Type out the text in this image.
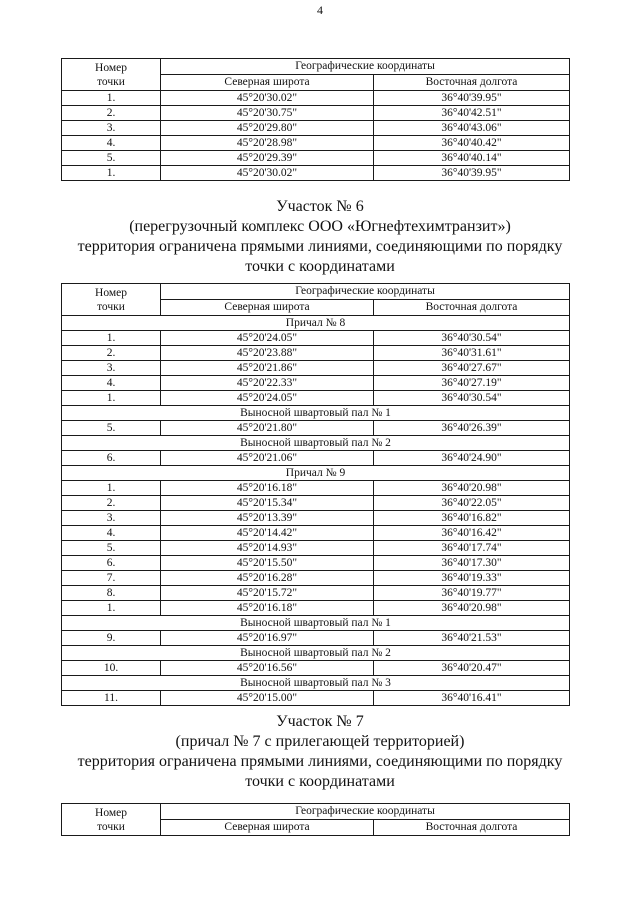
4
Номер
точки	Географические координаты	
	Северная широта	Восточная долгота
1.	45°20'30.02"	36°40'39.95"
2.	45°20'30.75"	36°40'42.51"
3.	45°20'29.80"	36°40'43.06"
4.	45°20'28.98"	36°40'40.42"
5.	45°20'29.39"	36°40'40.14"
1.	45°20'30.02"	36°40'39.95"
Участок № 6
(перегрузочный комплекс ООО «Югнефтехимтранзит»)
территория ограничена прямыми линиями, соединяющими по порядку
точки с координатами
Номер
точки	Географические координаты	
	Северная широта	Восточная долгота
Причал № 8		
1.	45°20'24.05"	36°40'30.54"
2.	45°20'23.88"	36°40'31.61"
3.	45°20'21.86"	36°40'27.67"
4.	45°20'22.33"	36°40'27.19"
1.	45°20'24.05"	36°40'30.54"
Выносной швартовый пал № 1		
5.	45°20'21.80"	36°40'26.39"
Выносной швартовый пал № 2		
6.	45°20'21.06"	36°40'24.90"
Причал № 9		
1.	45°20'16.18"	36°40'20.98"
2.	45°20'15.34"	36°40'22.05"
3.	45°20'13.39"	36°40'16.82"
4.	45°20'14.42"	36°40'16.42"
5.	45°20'14.93"	36°40'17.74"
6.	45°20'15.50"	36°40'17.30"
7.	45°20'16.28"	36°40'19.33"
8.	45°20'15.72"	36°40'19.77"
1.	45°20'16.18"	36°40'20.98"
Выносной швартовый пал № 1		
9.	45°20'16.97"	36°40'21.53"
Выносной швартовый пал № 2		
10.	45°20'16.56"	36°40'20.47"
Выносной швартовый пал № 3		
11.	45°20'15.00"	36°40'16.41"
Участок № 7
(причал № 7 с прилегающей территорией)
территория ограничена прямыми линиями, соединяющими по порядку
точки с координатами
Номер
точки	Географические координаты	
	Северная широта	Восточная долгота
